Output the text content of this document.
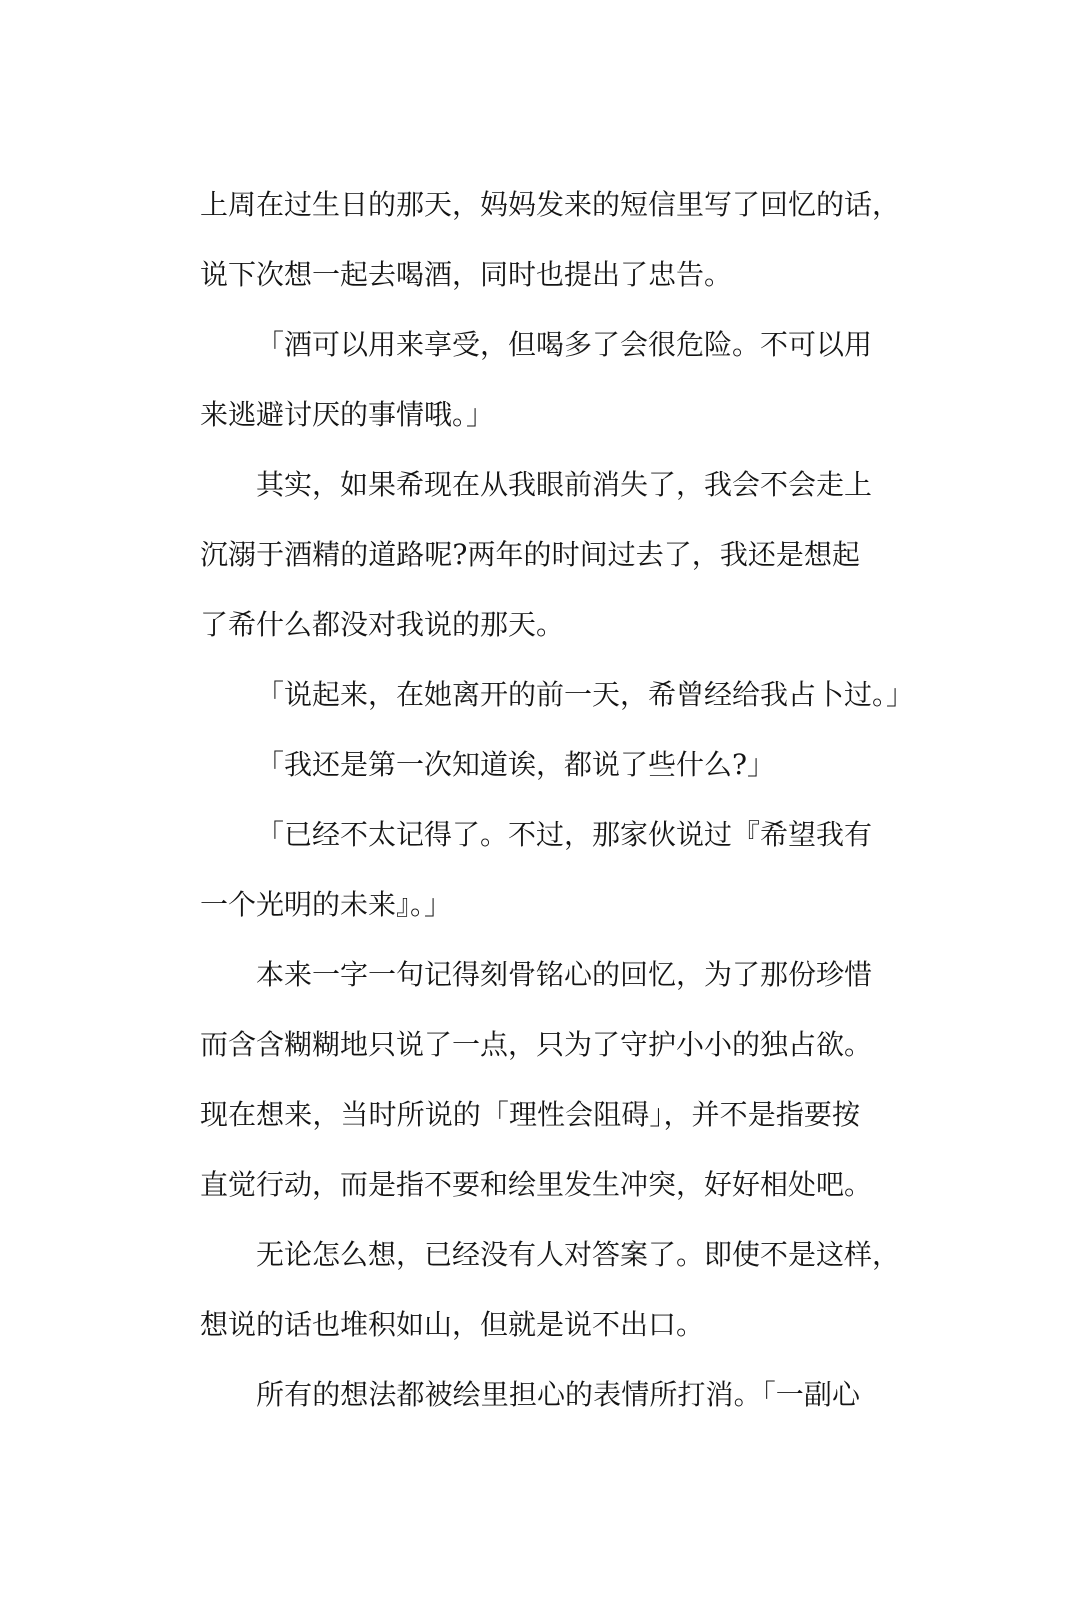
上周在过生日的那天，妈妈发来的短信里写了回忆的话，
说下次想一起去喝酒，同时也提出了忠告。
「酒可以用来享受，但喝多了会很危险。不可以用
来逃避讨厌的事情哦。」
其实，如果希现在从我眼前消失了，我会不会走上
沉溺于酒精的道路呢?两年的时间过去了，我还是想起
了希什么都没对我说的那天。
「说起来，在她离开的前一天，希曾经给我占卜过。」
「我还是第一次知道诶，都说了些什么?」
「已经不太记得了。不过，那家伙说过『希望我有
一个光明的未来』。」
本来一字一句记得刻骨铭心的回忆，为了那份珍惜
而含含糊糊地只说了一点，只为了守护小小的独占欲。
现在想来，当时所说的「理性会阻碍」，并不是指要按
直觉行动，而是指不要和绘里发生冲突，好好相处吧。
无论怎么想，已经没有人对答案了。即使不是这样，
想说的话也堆积如山，但就是说不出口。
所有的想法都被绘里担心的表情所打消。「一副心
